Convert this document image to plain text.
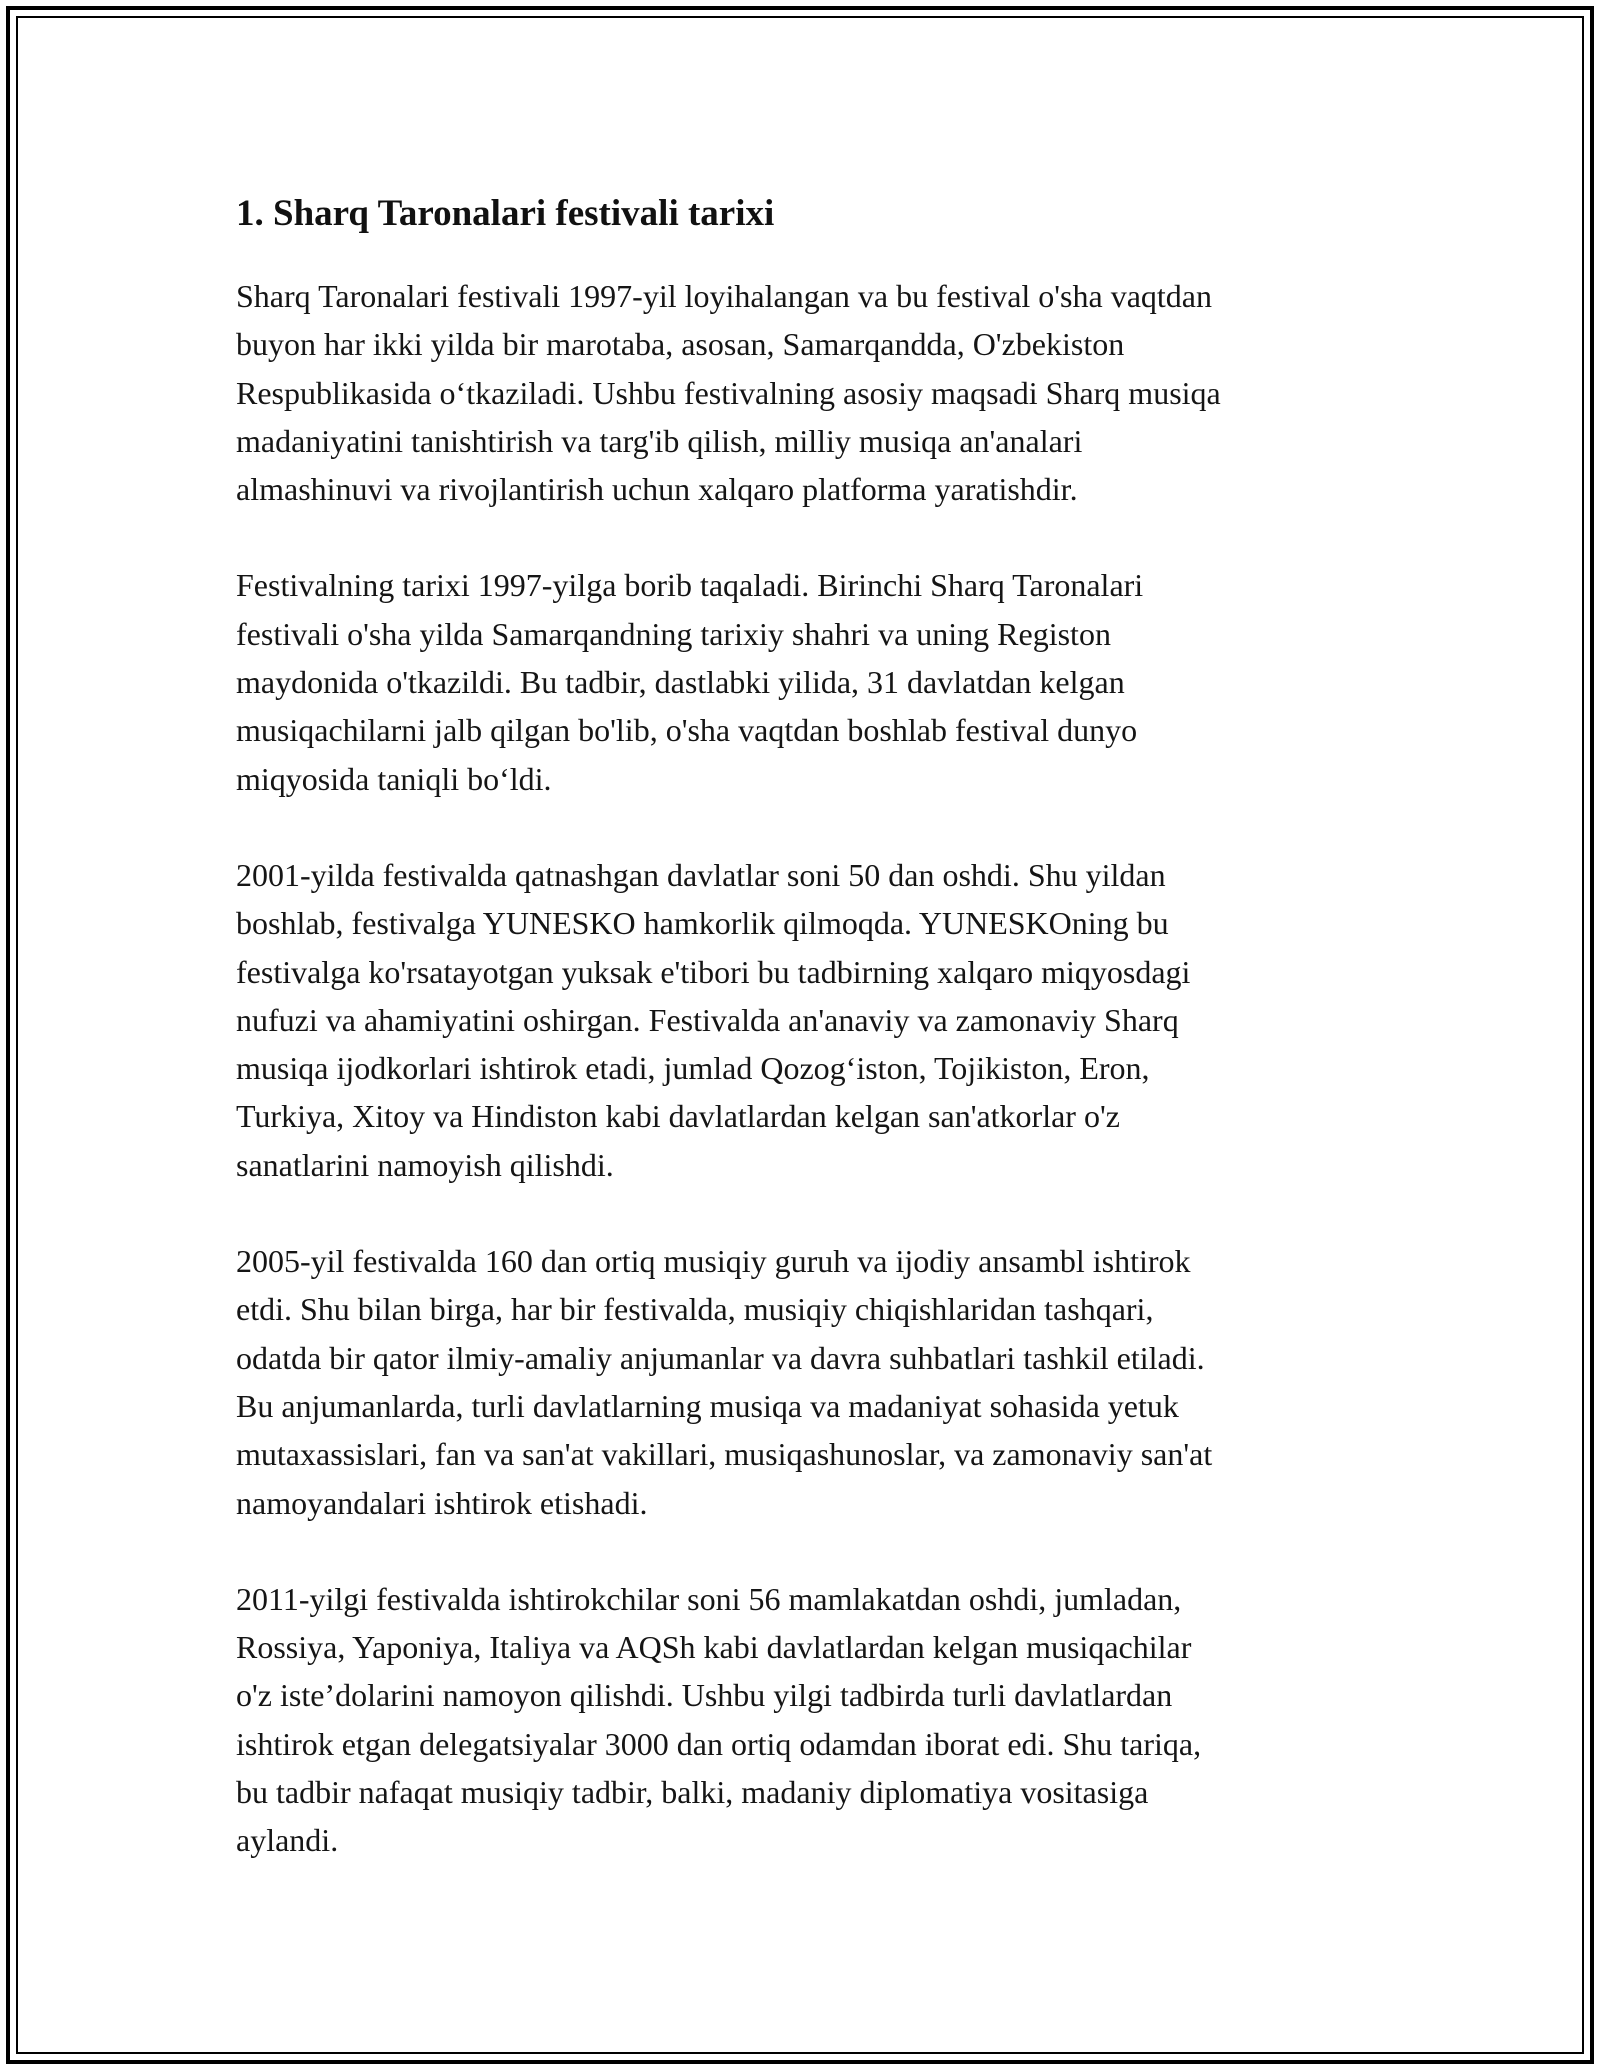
1. Sharq Taronalari festivali tarixi

Sharq Taronalari festivali 1997-yil loyihalangan va bu festival o'sha vaqtdan
buyon har ikki yilda bir marotaba, asosan, Samarqandda, O'zbekiston
Respublikasida o‘tkaziladi. Ushbu festivalning asosiy maqsadi Sharq musiqa
madaniyatini tanishtirish va targ'ib qilish, milliy musiqa an'analari
almashinuvi va rivojlantirish uchun xalqaro platforma yaratishdir.

Festivalning tarixi 1997-yilga borib taqaladi. Birinchi Sharq Taronalari
festivali o'sha yilda Samarqandning tarixiy shahri va uning Registon
maydonida o'tkazildi. Bu tadbir, dastlabki yilida, 31 davlatdan kelgan
musiqachilarni jalb qilgan bo'lib, o'sha vaqtdan boshlab festival dunyo
miqyosida taniqli bo‘ldi.

2001-yilda festivalda qatnashgan davlatlar soni 50 dan oshdi. Shu yildan
boshlab, festivalga YUNESKO hamkorlik qilmoqda. YUNESKOning bu
festivalga ko'rsatayotgan yuksak e'tibori bu tadbirning xalqaro miqyosdagi
nufuzi va ahamiyatini oshirgan. Festivalda an'anaviy va zamonaviy Sharq
musiqa ijodkorlari ishtirok etadi, jumlad Qozog‘iston, Tojikiston, Eron,
Turkiya, Xitoy va Hindiston kabi davlatlardan kelgan san'atkorlar o'z
sanatlarini namoyish qilishdi.

2005-yil festivalda 160 dan ortiq musiqiy guruh va ijodiy ansambl ishtirok
etdi. Shu bilan birga, har bir festivalda, musiqiy chiqishlaridan tashqari,
odatda bir qator ilmiy-amaliy anjumanlar va davra suhbatlari tashkil etiladi.
Bu anjumanlarda, turli davlatlarning musiqa va madaniyat sohasida yetuk
mutaxassislari, fan va san'at vakillari, musiqashunoslar, va zamonaviy san'at
namoyandalari ishtirok etishadi.

2011-yilgi festivalda ishtirokchilar soni 56 mamlakatdan oshdi, jumladan,
Rossiya, Yaponiya, Italiya va AQSh kabi davlatlardan kelgan musiqachilar
o'z iste’dolarini namoyon qilishdi. Ushbu yilgi tadbirda turli davlatlardan
ishtirok etgan delegatsiyalar 3000 dan ortiq odamdan iborat edi. Shu tariqa,
bu tadbir nafaqat musiqiy tadbir, balki, madaniy diplomatiya vositasiga
aylandi.
